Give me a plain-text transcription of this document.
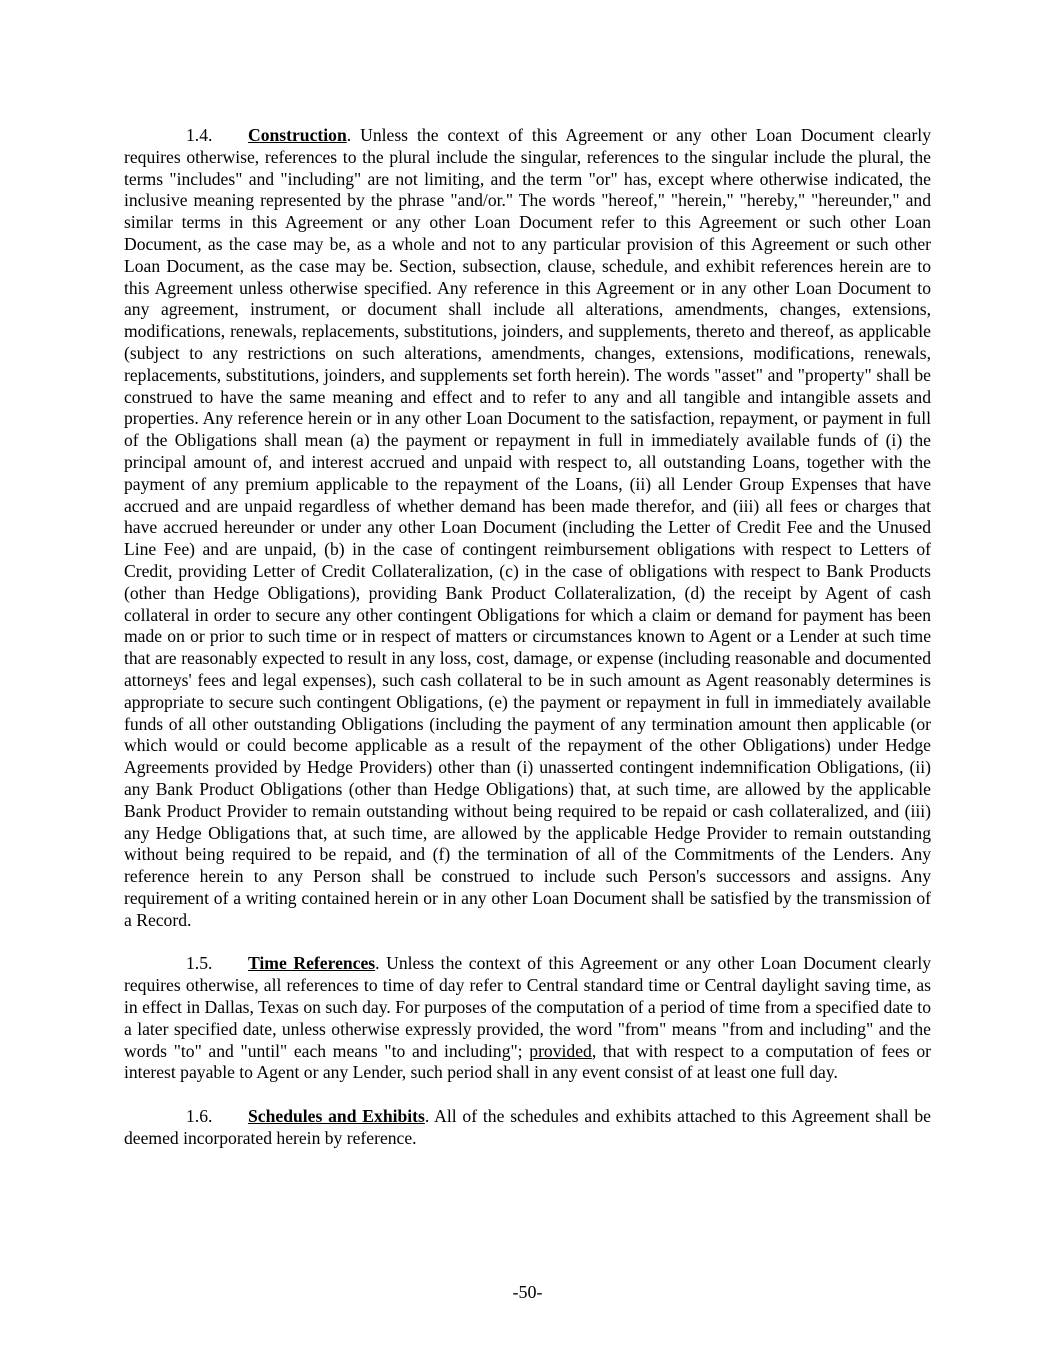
1.4. Construction. Unless the context of this Agreement or any other Loan Document clearly requires otherwise, references to the plural include the singular, references to the singular include the plural, the terms "includes" and "including" are not limiting, and the term "or" has, except where otherwise indicated, the inclusive meaning represented by the phrase "and/or." The words "hereof," "herein," "hereby," "hereunder," and similar terms in this Agreement or any other Loan Document refer to this Agreement or such other Loan Document, as the case may be, as a whole and not to any particular provision of this Agreement or such other Loan Document, as the case may be. Section, subsection, clause, schedule, and exhibit references herein are to this Agreement unless otherwise specified. Any reference in this Agreement or in any other Loan Document to any agreement, instrument, or document shall include all alterations, amendments, changes, extensions, modifications, renewals, replacements, substitutions, joinders, and supplements, thereto and thereof, as applicable (subject to any restrictions on such alterations, amendments, changes, extensions, modifications, renewals, replacements, substitutions, joinders, and supplements set forth herein). The words "asset" and "property" shall be construed to have the same meaning and effect and to refer to any and all tangible and intangible assets and properties. Any reference herein or in any other Loan Document to the satisfaction, repayment, or payment in full of the Obligations shall mean (a) the payment or repayment in full in immediately available funds of (i) the principal amount of, and interest accrued and unpaid with respect to, all outstanding Loans, together with the payment of any premium applicable to the repayment of the Loans, (ii) all Lender Group Expenses that have accrued and are unpaid regardless of whether demand has been made therefor, and (iii) all fees or charges that have accrued hereunder or under any other Loan Document (including the Letter of Credit Fee and the Unused Line Fee) and are unpaid, (b) in the case of contingent reimbursement obligations with respect to Letters of Credit, providing Letter of Credit Collateralization, (c) in the case of obligations with respect to Bank Products (other than Hedge Obligations), providing Bank Product Collateralization, (d) the receipt by Agent of cash collateral in order to secure any other contingent Obligations for which a claim or demand for payment has been made on or prior to such time or in respect of matters or circumstances known to Agent or a Lender at such time that are reasonably expected to result in any loss, cost, damage, or expense (including reasonable and documented attorneys' fees and legal expenses), such cash collateral to be in such amount as Agent reasonably determines is appropriate to secure such contingent Obligations, (e) the payment or repayment in full in immediately available funds of all other outstanding Obligations (including the payment of any termination amount then applicable (or which would or could become applicable as a result of the repayment of the other Obligations) under Hedge Agreements provided by Hedge Providers) other than (i) unasserted contingent indemnification Obligations, (ii) any Bank Product Obligations (other than Hedge Obligations) that, at such time, are allowed by the applicable Bank Product Provider to remain outstanding without being required to be repaid or cash collateralized, and (iii) any Hedge Obligations that, at such time, are allowed by the applicable Hedge Provider to remain outstanding without being required to be repaid, and (f) the termination of all of the Commitments of the Lenders. Any reference herein to any Person shall be construed to include such Person's successors and assigns. Any requirement of a writing contained herein or in any other Loan Document shall be satisfied by the transmission of a Record.

1.5. Time References. Unless the context of this Agreement or any other Loan Document clearly requires otherwise, all references to time of day refer to Central standard time or Central daylight saving time, as in effect in Dallas, Texas on such day. For purposes of the computation of a period of time from a specified date to a later specified date, unless otherwise expressly provided, the word "from" means "from and including" and the words "to" and "until" each means "to and including"; provided, that with respect to a computation of fees or interest payable to Agent or any Lender, such period shall in any event consist of at least one full day.

1.6. Schedules and Exhibits. All of the schedules and exhibits attached to this Agreement shall be deemed incorporated herein by reference.

-50-
